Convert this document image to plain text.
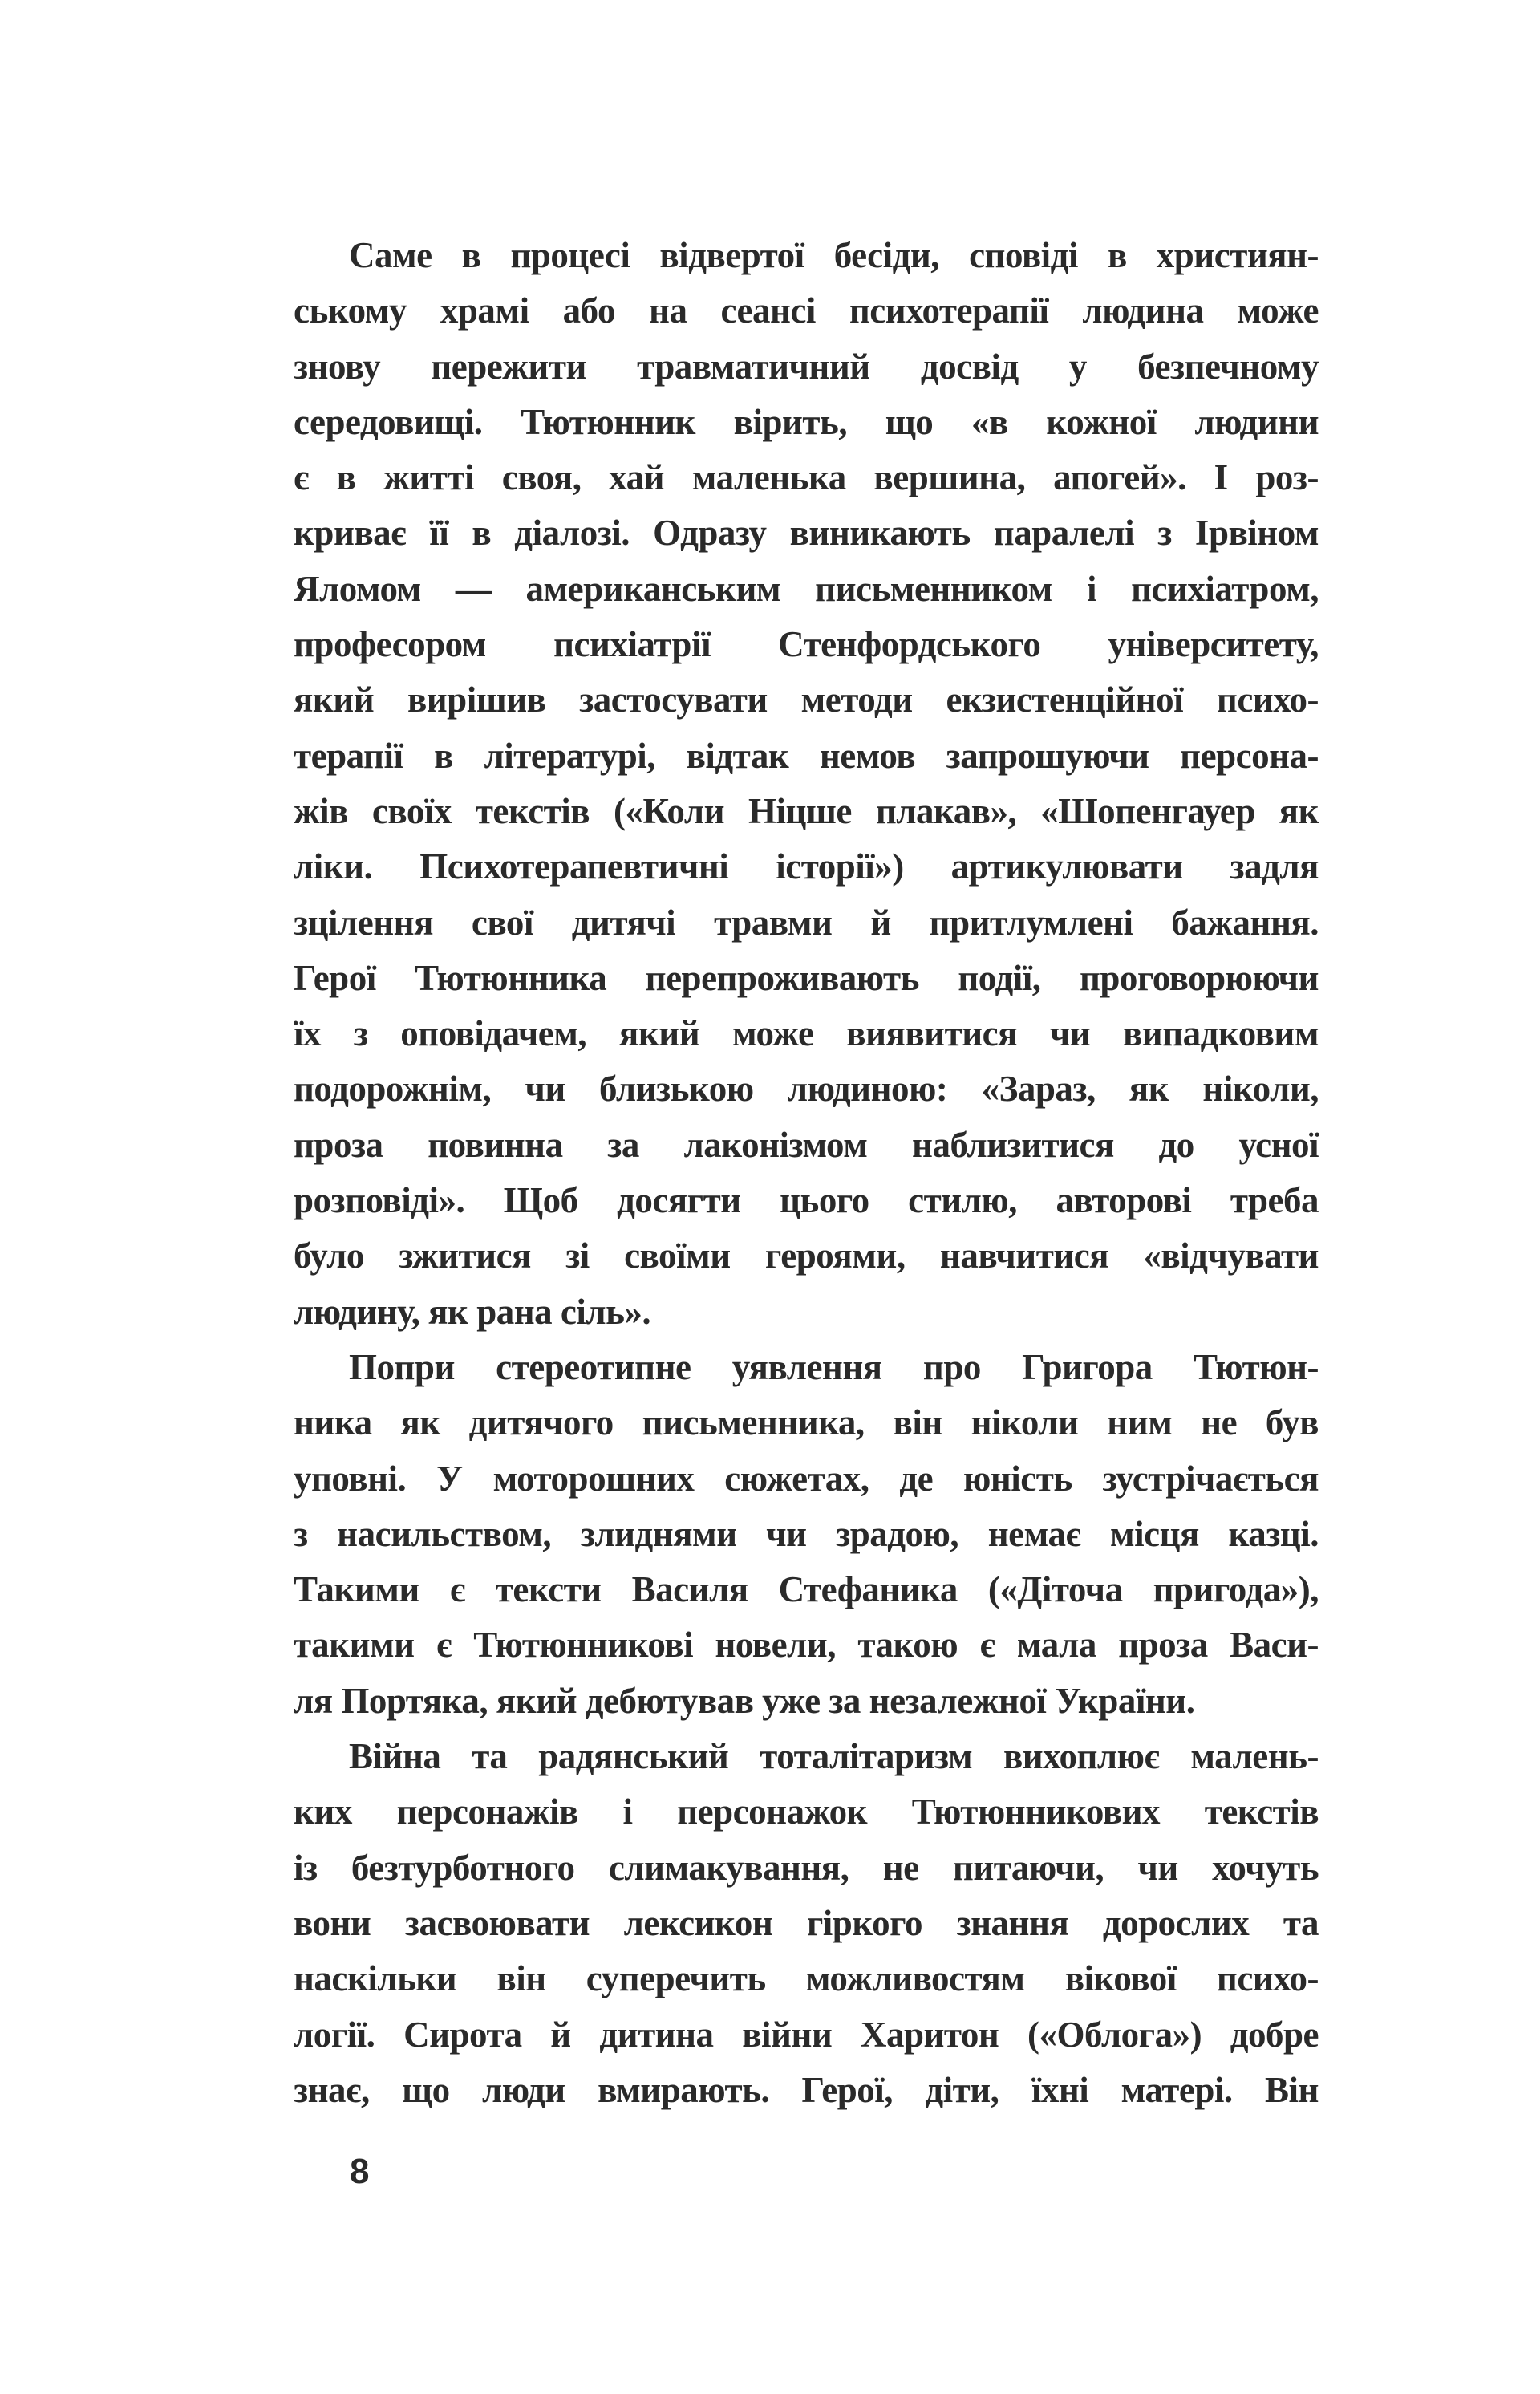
Саме в процесі відвертої бесіди, сповіді в християн-
ському храмі або на сеансі психотерапії людина може
знову пережити травматичний досвід у безпечному
середовищі. Тютюнник вірить, що «в кожної людини
є в житті своя, хай маленька вершина, апогей». І роз-
криває її в діалозі. Одразу виникають паралелі з Ірвіном
Яломом — американським письменником і психіатром,
професором психіатрії Стенфордського університету,
який вирішив застосувати методи екзистенційної психо-
терапії в літературі, відтак немов запрошуючи персона-
жів своїх текстів («Коли Ніцше плакав», «Шопенгауер як
ліки. Психотерапевтичні історії») артикулювати задля
зцілення свої дитячі травми й притлумлені бажання.
Герої Тютюнника перепроживають події, проговорюючи
їх з оповідачем, який може виявитися чи випадковим
подорожнім, чи близькою людиною: «Зараз, як ніколи,
проза повинна за лаконізмом наблизитися до усної
розповіді». Щоб досягти цього стилю, авторові треба
було зжитися зі своїми героями, навчитися «відчувати
людину, як рана сіль».
Попри стереотипне уявлення про Григора Тютюн-
ника як дитячого письменника, він ніколи ним не був
уповні. У моторошних сюжетах, де юність зустрічається
з насильством, злиднями чи зрадою, немає місця казці.
Такими є тексти Василя Стефаника («Діточа пригода»),
такими є Тютюнникові новели, такою є мала проза Васи-
ля Портяка, який дебютував уже за незалежної України.
Війна та радянський тоталітаризм вихоплює малень-
ких персонажів і персонажок Тютюнникових текстів
із безтурботного слимакування, не питаючи, чи хочуть
вони засвоювати лексикон гіркого знання дорослих та
наскільки він суперечить можливостям вікової психо-
логії. Сирота й дитина війни Харитон («Облога») добре
знає, що люди вмирають. Герої, діти, їхні матері. Він
8
